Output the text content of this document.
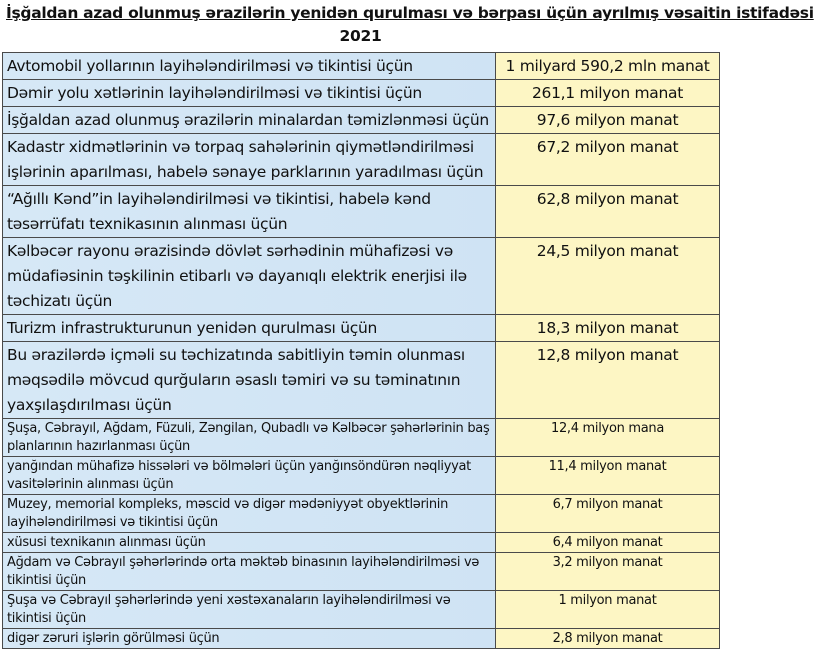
İşğaldan azad olunmuş ərazilərin yenidən qurulması və bərpası üçün ayrılmış vəsaitin istifadəsi
2021
Avtomobil yollarının layihələndirilməsi və tikintisi üçün	1 milyard 590,2 mln manat
Dəmir yolu xətlərinin layihələndirilməsi və tikintisi üçün	261,1 milyon manat
İşğaldan azad olunmuş ərazilərin minalardan təmizlənməsi üçün	97,6 milyon manat
Kadastr xidmətlərinin və torpaq sahələrinin qiymətləndirilməsi işlərinin aparılması, habelə sənaye parklarının yaradılması üçün	67,2 milyon manat
“Ağıllı Kənd”in layihələndirilməsi və tikintisi, habelə kənd təsərrüfatı texnikasının alınması üçün	62,8 milyon manat
Kəlbəcər rayonu ərazisində dövlət sərhədinin mühafizəsi və müdafiəsinin təşkilinin etibarlı və dayanıqlı elektrik enerjisi ilə təchizatı üçün	24,5 milyon manat
Turizm infrastrukturunun yenidən qurulması üçün	18,3 milyon manat
Bu ərazilərdə içməli su təchizatında sabitliyin təmin olunması məqsədilə mövcud qurğuların əsaslı təmiri və su təminatının yaxşılaşdırılması üçün	12,8 milyon manat
Şuşa, Cəbrayıl, Ağdam, Füzuli, Zəngilan, Qubadlı və Kəlbəcər şəhərlərinin baş planlarının hazırlanması üçün	12,4 milyon mana
yanğından mühafizə hissələri və bölmələri üçün yanğınsöndürən nəqliyyat vasitələrinin alınması üçün	11,4 milyon manat
Muzey, memorial kompleks, məscid və digər mədəniyyət obyektlərinin layihələndirilməsi və tikintisi üçün	6,7 milyon manat
xüsusi texnikanın alınması üçün	6,4 milyon manat
Ağdam və Cəbrayıl şəhərlərində orta məktəb binasının layihələndirilməsi və tikintisi üçün	3,2 milyon manat
Şuşa və Cəbrayıl şəhərlərində yeni xəstəxanaların layihələndirilməsi və tikintisi üçün	1 milyon manat
digər zəruri işlərin görülməsi üçün	2,8 milyon manat
